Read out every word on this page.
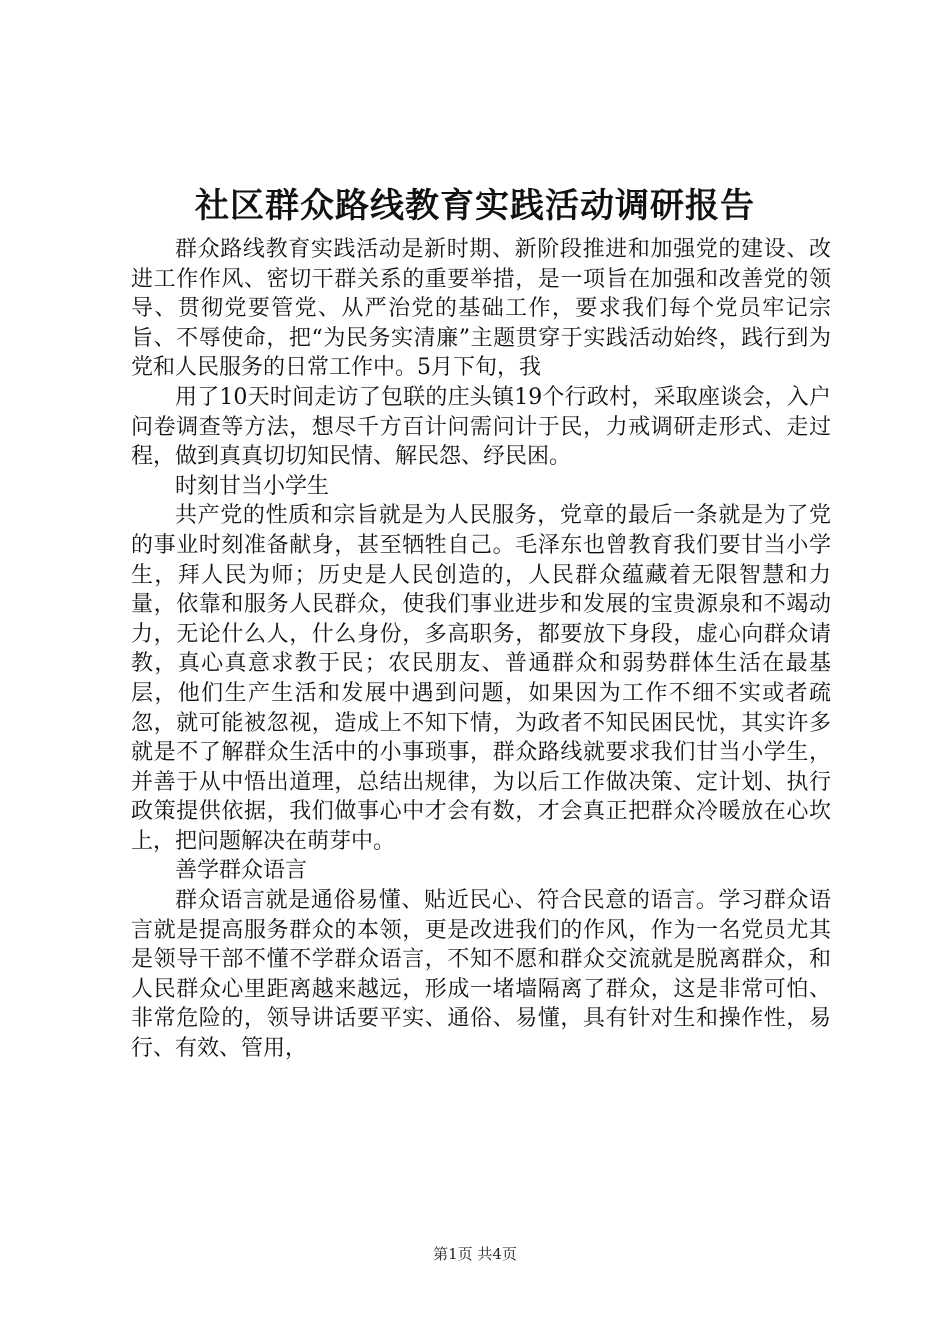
社区群众路线教育实践活动调研报告

群众路线教育实践活动是新时期、新阶段推进和加强党的建设、改进工作作风、密切干群关系的重要举措，是一项旨在加强和改善党的领导、贯彻党要管党、从严治党的基础工作，要求我们每个党员牢记宗旨、不辱使命，把“为民务实清廉”主题贯穿于实践活动始终，践行到为党和人民服务的日常工作中。5月下旬，我

用了10天时间走访了包联的庄头镇19个行政村，采取座谈会，入户问卷调查等方法，想尽千方百计问需问计于民，力戒调研走形式、走过程，做到真真切切知民情、解民怨、纾民困。

时刻甘当小学生

共产党的性质和宗旨就是为人民服务，党章的最后一条就是为了党的事业时刻准备献身，甚至牺牲自己。毛泽东也曾教育我们要甘当小学生，拜人民为师；历史是人民创造的，人民群众蕴藏着无限智慧和力量，依靠和服务人民群众，使我们事业进步和发展的宝贵源泉和不竭动力，无论什么人，什么身份，多高职务，都要放下身段，虚心向群众请教，真心真意求教于民；农民朋友、普通群众和弱势群体生活在最基层，他们生产生活和发展中遇到问题，如果因为工作不细不实或者疏忽，就可能被忽视，造成上不知下情，为政者不知民困民忧，其实许多就是不了解群众生活中的小事琐事，群众路线就要求我们甘当小学生，并善于从中悟出道理，总结出规律，为以后工作做决策、定计划、执行政策提供依据，我们做事心中才会有数，才会真正把群众冷暖放在心坎上，把问题解决在萌芽中。

善学群众语言

群众语言就是通俗易懂、贴近民心、符合民意的语言。学习群众语言就是提高服务群众的本领，更是改进我们的作风，作为一名党员尤其是领导干部不懂不学群众语言，不知不愿和群众交流就是脱离群众，和人民群众心里距离越来越远，形成一堵墙隔离了群众，这是非常可怕、非常危险的，领导讲话要平实、通俗、易懂，具有针对生和操作性，易行、有效、管用，

第1页 共4页
